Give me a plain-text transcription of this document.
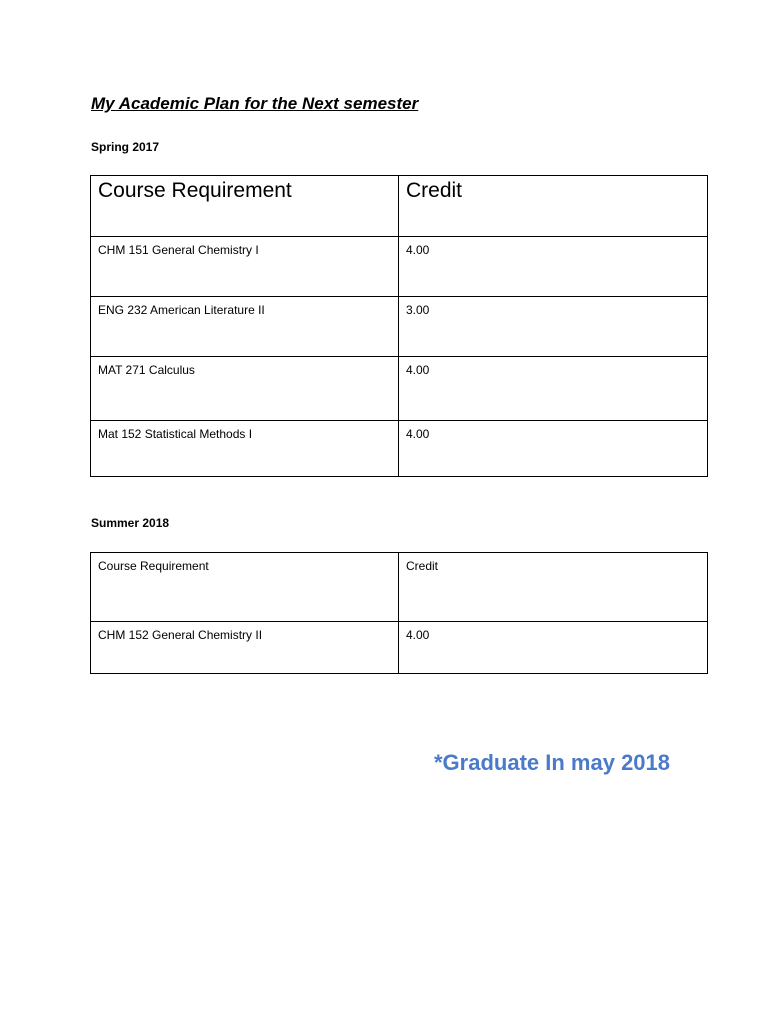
My Academic Plan for the Next semester
Spring 2017
Course Requirement	Credit
CHM 151 General Chemistry I	4.00
ENG 232 American Literature II	3.00
MAT 271 Calculus	4.00
Mat 152 Statistical Methods I	4.00
Summer 2018
Course Requirement	Credit
CHM 152 General Chemistry II	4.00
*Graduate In may 2018
